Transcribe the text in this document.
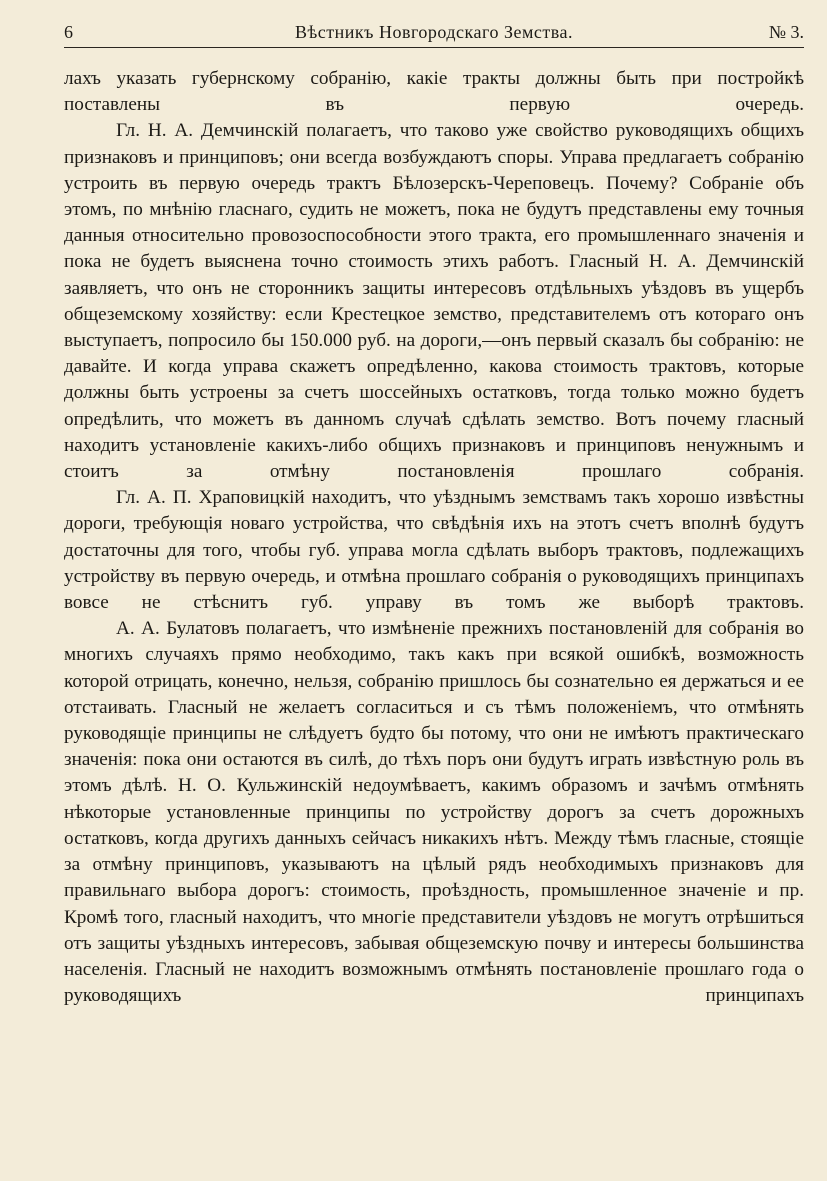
6	Вѣстникъ Новгородскаго Земства.	№ 3.

лахъ указать губернскому собранію, какіе тракты должны быть при постройкѣ поставлены въ первую очередь.

Гл. Н. А. Демчинскій полагаетъ, что таково уже свойство руководящихъ общихъ признаковъ и принциповъ; они всегда возбуждаютъ споры. Управа предлагаетъ собранію устроить въ первую очередь трактъ Бѣлозерскъ-Череповецъ. Почему? Собраніе объ этомъ, по мнѣнію гласнаго, судить не можетъ, пока не будутъ представлены ему точныя данныя относительно провозоспособности этого тракта, его промышленнаго значенія и пока не будетъ выяснена точно стоимость этихъ работъ. Гласный Н. А. Демчинскій заявляетъ, что онъ не сторонникъ защиты интересовъ отдѣльныхъ уѣздовъ въ ущербъ общеземскому хозяйству: если Крестецкое земство, представителемъ отъ котораго онъ выступаетъ, попросило бы 150.000 руб. на дороги,—онъ первый сказалъ бы собранію: не давайте. И когда управа скажетъ опредѣленно, какова стоимость трактовъ, которые должны быть устроены за счетъ шоссейныхъ остатковъ, тогда только можно будетъ опредѣлить, что можетъ въ данномъ случаѣ сдѣлать земство. Вотъ почему гласный находитъ установленіе какихъ-либо общихъ признаковъ и принциповъ ненужнымъ и стоитъ за отмѣну постановленія прошлаго собранія.

Гл. А. П. Храповицкій находитъ, что уѣзднымъ земствамъ такъ хорошо извѣстны дороги, требующія новаго устройства, что свѣдѣнія ихъ на этотъ счетъ вполнѣ будутъ достаточны для того, чтобы губ. управа могла сдѣлать выборъ трактовъ, подлежащихъ устройству въ первую очередь, и отмѣна прошлаго собранія о руководящихъ принципахъ вовсе не стѣснитъ губ. управу въ томъ же выборѣ трактовъ.

А. А. Булатовъ полагаетъ, что измѣненіе прежнихъ постановленій для собранія во многихъ случаяхъ прямо необходимо, такъ какъ при всякой ошибкѣ, возможность которой отрицать, конечно, нельзя, собранію пришлось бы сознательно ея держаться и ее отстаивать. Гласный не желаетъ согласиться и съ тѣмъ положеніемъ, что отмѣнять руководящіе принципы не слѣдуетъ будто бы потому, что они не имѣютъ практическаго значенія: пока они остаются въ силѣ, до тѣхъ поръ они будутъ играть извѣстную роль въ этомъ дѣлѣ. Н. О. Кульжинскій недоумѣваетъ, какимъ образомъ и зачѣмъ отмѣнять нѣкоторые установленные принципы по устройству дорогъ за счетъ дорожныхъ остатковъ, когда другихъ данныхъ сейчасъ никакихъ нѣтъ. Между тѣмъ гласные, стоящіе за отмѣну принциповъ, указываютъ на цѣлый рядъ необходимыхъ признаковъ для правильнаго выбора дорогъ: стоимость, проѣздность, промышленное значеніе и пр. Кромѣ того, гласный находитъ, что многіе представители уѣздовъ не могутъ отрѣшиться отъ защиты уѣздныхъ интересовъ, забывая общеземскую почву и интересы большинства населенія. Гласный не находитъ возможнымъ отмѣнять постановленіе прошлаго года о руководящихъ принципахъ
